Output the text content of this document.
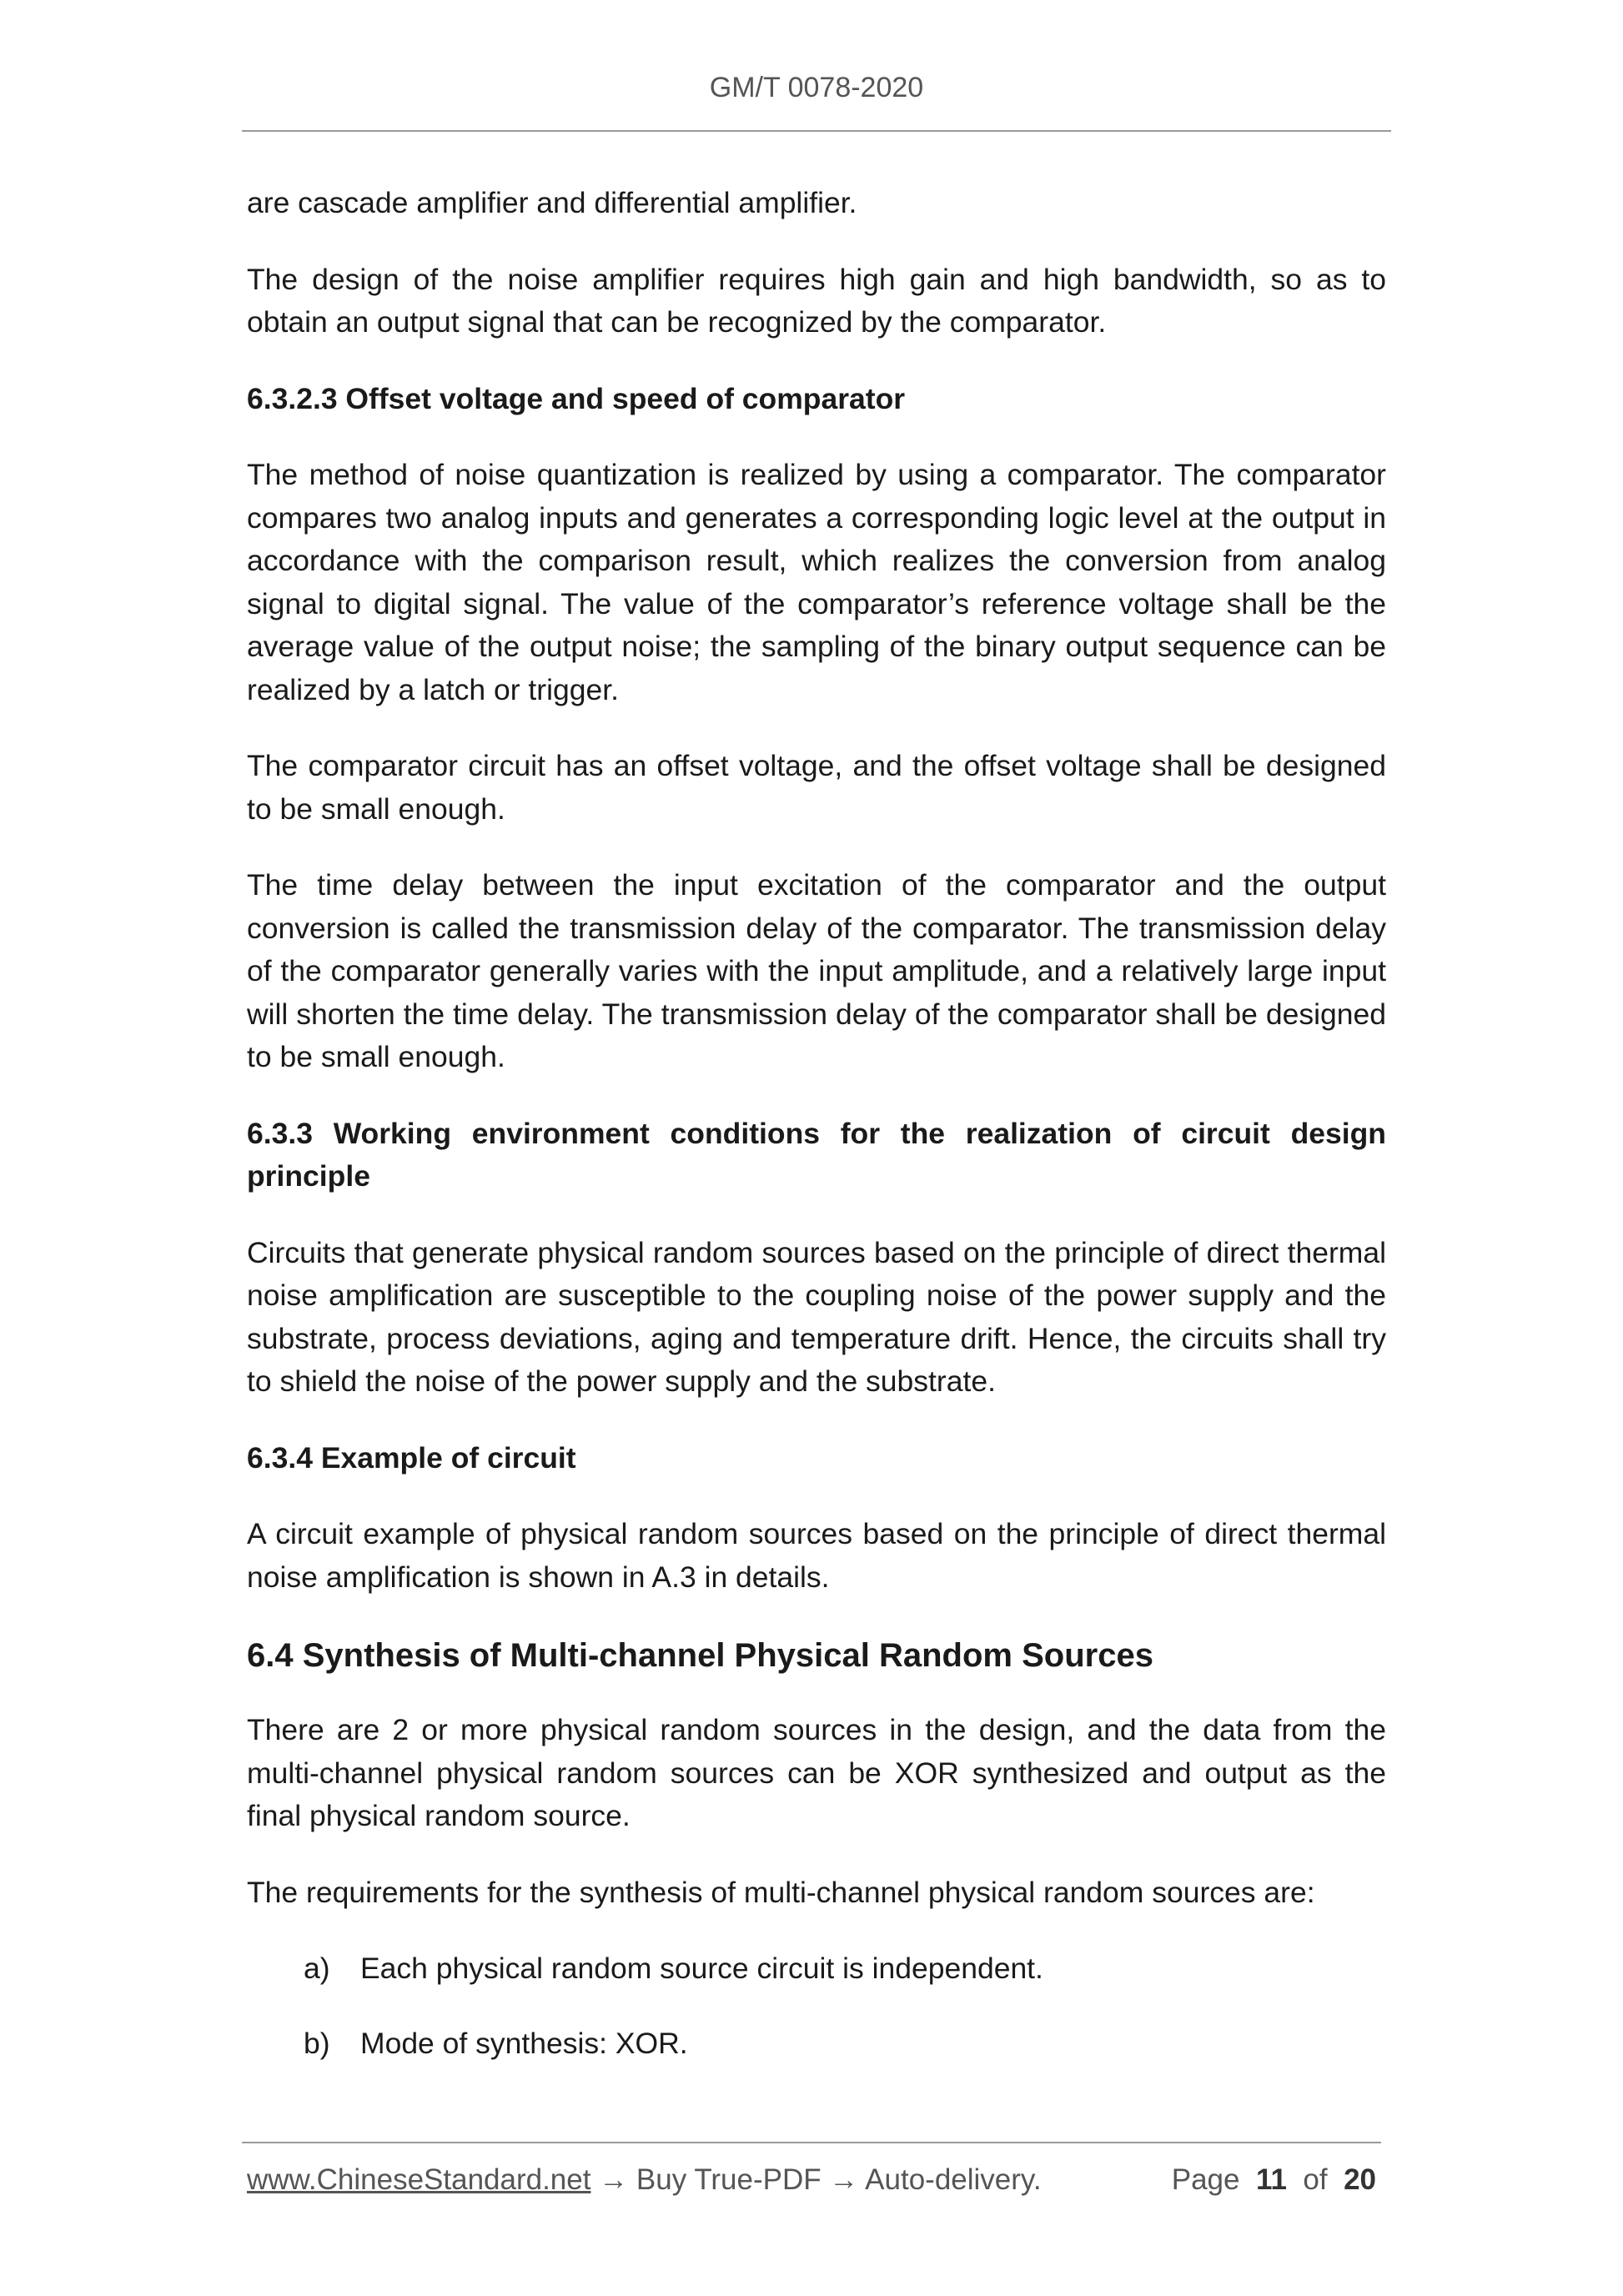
GM/T 0078-2020

are cascade amplifier and differential amplifier.

The design of the noise amplifier requires high gain and high bandwidth, so as to obtain an output signal that can be recognized by the comparator.

6.3.2.3 Offset voltage and speed of comparator

The method of noise quantization is realized by using a comparator. The comparator compares two analog inputs and generates a corresponding logic level at the output in accordance with the comparison result, which realizes the conversion from analog signal to digital signal. The value of the comparator’s reference voltage shall be the average value of the output noise; the sampling of the binary output sequence can be realized by a latch or trigger.

The comparator circuit has an offset voltage, and the offset voltage shall be designed to be small enough.

The time delay between the input excitation of the comparator and the output conversion is called the transmission delay of the comparator. The transmission delay of the comparator generally varies with the input amplitude, and a relatively large input will shorten the time delay. The transmission delay of the comparator shall be designed to be small enough.

6.3.3 Working environment conditions for the realization of circuit design principle

Circuits that generate physical random sources based on the principle of direct thermal noise amplification are susceptible to the coupling noise of the power supply and the substrate, process deviations, aging and temperature drift. Hence, the circuits shall try to shield the noise of the power supply and the substrate.

6.3.4 Example of circuit

A circuit example of physical random sources based on the principle of direct thermal noise amplification is shown in A.3 in details.

6.4 Synthesis of Multi-channel Physical Random Sources

There are 2 or more physical random sources in the design, and the data from the multi-channel physical random sources can be XOR synthesized and output as the final physical random source.

The requirements for the synthesis of multi-channel physical random sources are:

a)	Each physical random source circuit is independent.
b)	Mode of synthesis: XOR.
www.ChineseStandard.net → Buy True-PDF → Auto-delivery.	Page 11 of 20
